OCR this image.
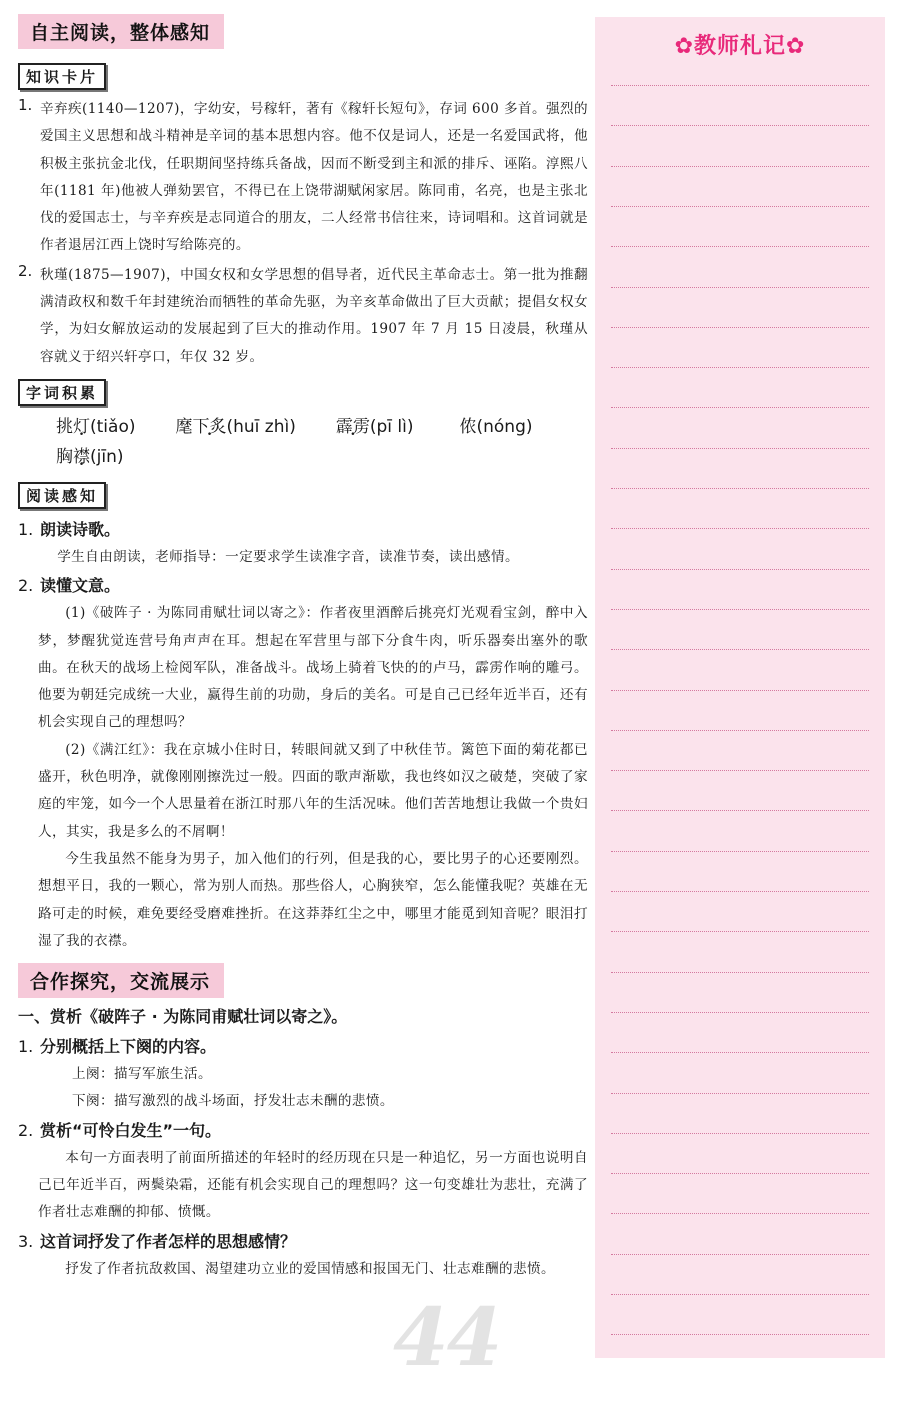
自主阅读，整体感知
知识卡片
1. 辛弃疾(1140—1207)，字幼安，号稼轩，著有《稼轩长短句》，存词 600 多首。强烈的爱国主义思想和战斗精神是辛词的基本思想内容。他不仅是词人，还是一名爱国武将，他积极主张抗金北伐，任职期间坚持练兵备战，因而不断受到主和派的排斥、诬陷。淳熙八年(1181 年)他被人弹劾罢官，不得已在上饶带湖赋闲家居。陈同甫，名亮，也是主张北伐的爱国志士，与辛弃疾是志同道合的朋友，二人经常书信往来，诗词唱和。这首词就是作者退居江西上饶时写给陈亮的。

2. 秋瑾(1875—1907)，中国女权和女学思想的倡导者，近代民主革命志士。第一批为推翻满清政权和数千年封建统治而牺牲的革命先驱，为辛亥革命做出了巨大贡献；提倡女权女学，为妇女解放运动的发展起到了巨大的推动作用。1907 年 7 月 15 日凌晨，秋瑾从容就义于绍兴轩亭口，年仅 32 岁。

字词积累
挑灯(tiǎo) 麾下炙(huī zhì) 霹雳(pī lì)	侬(nóng)
胸襟(jīn)
阅读感知
1. 朗读诗歌。

学生自由朗读，老师指导：一定要求学生读准字音，读准节奏，读出感情。

2. 读懂文意。

(1)《破阵子 · 为陈同甫赋壮词以寄之》：作者夜里酒醉后挑亮灯光观看宝剑，醉中入梦，梦醒犹觉连营号角声声在耳。想起在军营里与部下分食牛肉，听乐器奏出塞外的歌曲。在秋天的战场上检阅军队，准备战斗。战场上骑着飞快的的卢马，霹雳作响的雕弓。他要为朝廷完成统一大业，赢得生前的功勋，身后的美名。可是自己已经年近半百，还有机会实现自己的理想吗？

(2)《满江红》：我在京城小住时日，转眼间就又到了中秋佳节。篱笆下面的菊花都已盛开，秋色明净，就像刚刚擦洗过一般。四面的歌声渐歇，我也终如汉之破楚，突破了家庭的牢笼，如今一个人思量着在浙江时那八年的生活况味。他们苦苦地想让我做一个贵妇人，其实，我是多么的不屑啊！

今生我虽然不能身为男子，加入他们的行列，但是我的心，要比男子的心还要刚烈。想想平日，我的一颗心，常为别人而热。那些俗人，心胸狭窄，怎么能懂我呢？英雄在无路可走的时候，难免要经受磨难挫折。在这莽莽红尘之中，哪里才能觅到知音呢？眼泪打湿了我的衣襟。

合作探究，交流展示
一、赏析《破阵子 · 为陈同甫赋壮词以寄之》。
1. 分别概括上下阕的内容。

上阕：描写军旅生活。

下阕：描写激烈的战斗场面，抒发壮志未酬的悲愤。

2. 赏析“可怜白发生”一句。

本句一方面表明了前面所描述的年轻时的经历现在只是一种追忆，另一方面也说明自己已年近半百，两鬓染霜，还能有机会实现自己的理想吗？这一句变雄壮为悲壮，充满了作者壮志难酬的抑郁、愤慨。

3. 这首词抒发了作者怎样的思想感情？

抒发了作者抗敌救国、渴望建功立业的爱国情感和报国无门、壮志难酬的悲愤。

44
✿教师札记✿
